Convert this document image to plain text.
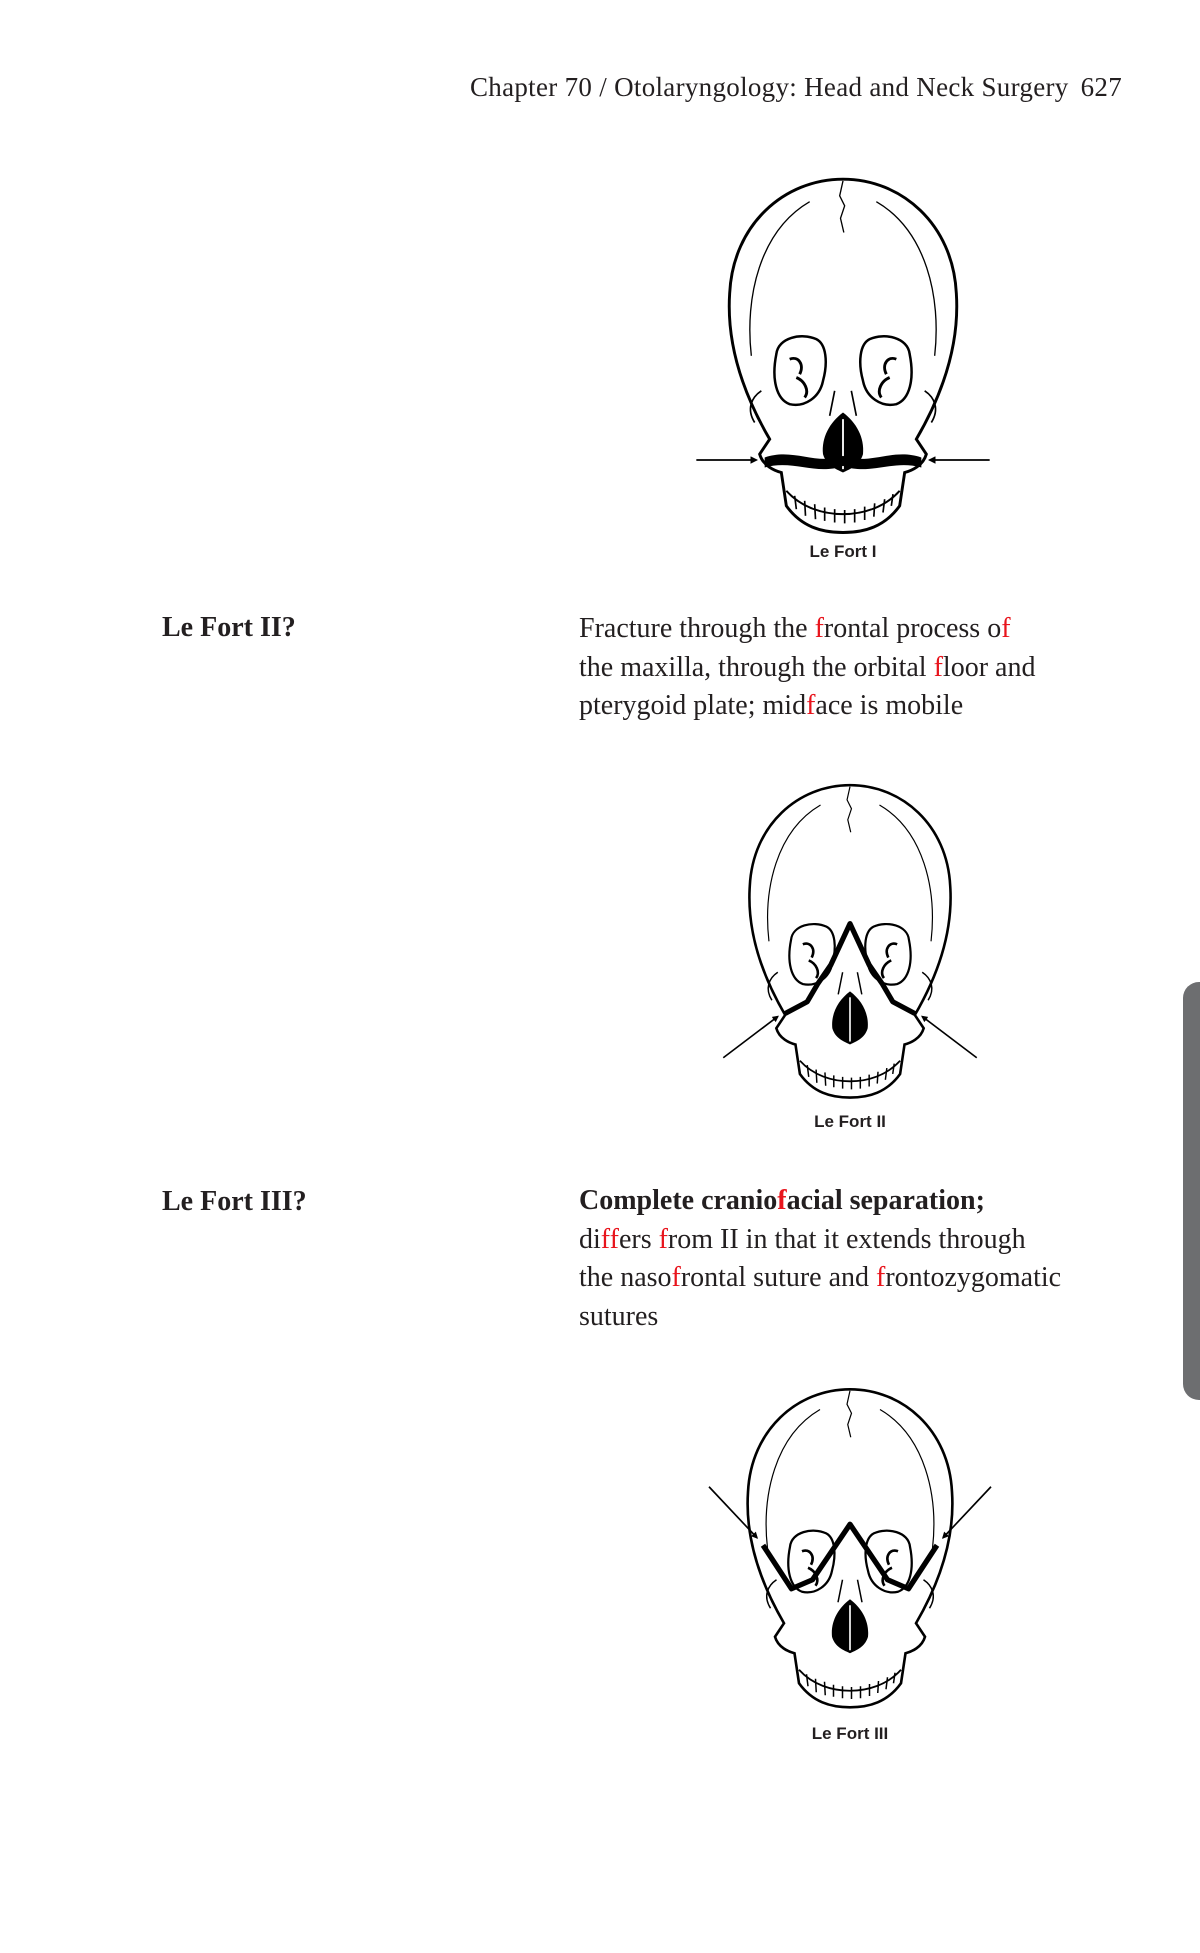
Chapter 70 / Otolaryngology: Head and Neck Surgery 627
Le Fort I
Le Fort II?	Fracture through the frontal process of
the maxilla, through the orbital floor and
pterygoid plate; midface is mobile
Le Fort II
Le Fort III?	Complete craniofacial separation;
differs from II in that it extends through
the nasofrontal suture and frontozygomatic
sutures
Le Fort III
